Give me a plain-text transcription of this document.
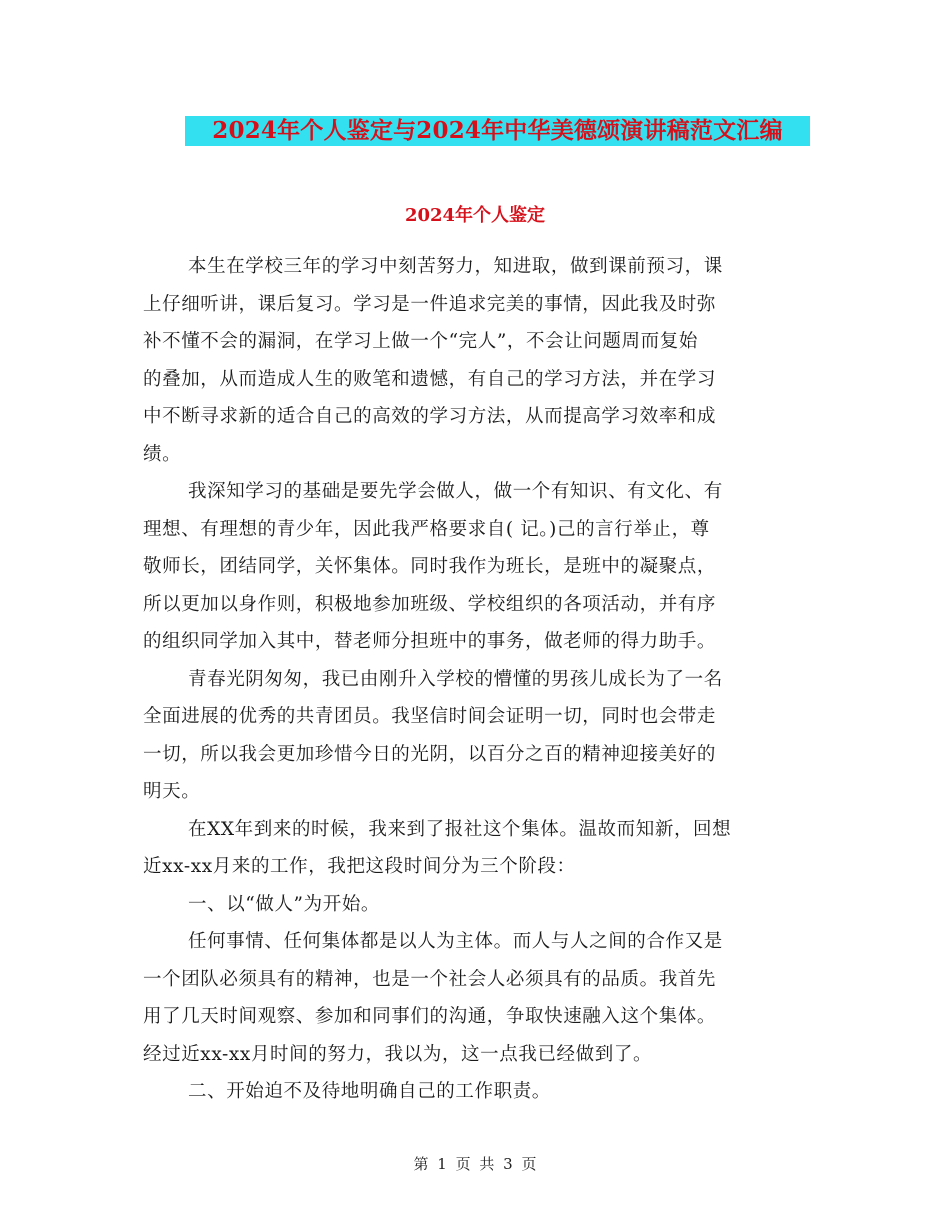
2024年个人鉴定与2024年中华美德颂演讲稿范文汇编
2024年个人鉴定
本生在学校三年的学习中刻苦努力，知进取，做到课前预习，课
上仔细听讲，课后复习。学习是一件追求完美的事情，因此我及时弥
补不懂不会的漏洞，在学习上做一个“完人”，不会让问题周而复始
的叠加，从而造成人生的败笔和遗憾，有自己的学习方法，并在学习
中不断寻求新的适合自己的高效的学习方法，从而提高学习效率和成
绩。
我深知学习的基础是要先学会做人，做一个有知识、有文化、有
理想、有理想的青少年，因此我严格要求自( 记。)己的言行举止，尊
敬师长，团结同学，关怀集体。同时我作为班长，是班中的凝聚点，
所以更加以身作则，积极地参加班级、学校组织的各项活动，并有序
的组织同学加入其中，替老师分担班中的事务，做老师的得力助手。
青春光阴匆匆，我已由刚升入学校的懵懂的男孩儿成长为了一名
全面进展的优秀的共青团员。我坚信时间会证明一切，同时也会带走
一切，所以我会更加珍惜今日的光阴，以百分之百的精神迎接美好的
明天。
在XX年到来的时候，我来到了报社这个集体。温故而知新，回想
近xx-xx月来的工作，我把这段时间分为三个阶段：
一、以“做人”为开始。
任何事情、任何集体都是以人为主体。而人与人之间的合作又是
一个团队必须具有的精神，也是一个社会人必须具有的品质。我首先
用了几天时间观察、参加和同事们的沟通，争取快速融入这个集体。
经过近xx-xx月时间的努力，我以为，这一点我已经做到了。
二、开始迫不及待地明确自己的工作职责。
第 1 页 共 3 页
